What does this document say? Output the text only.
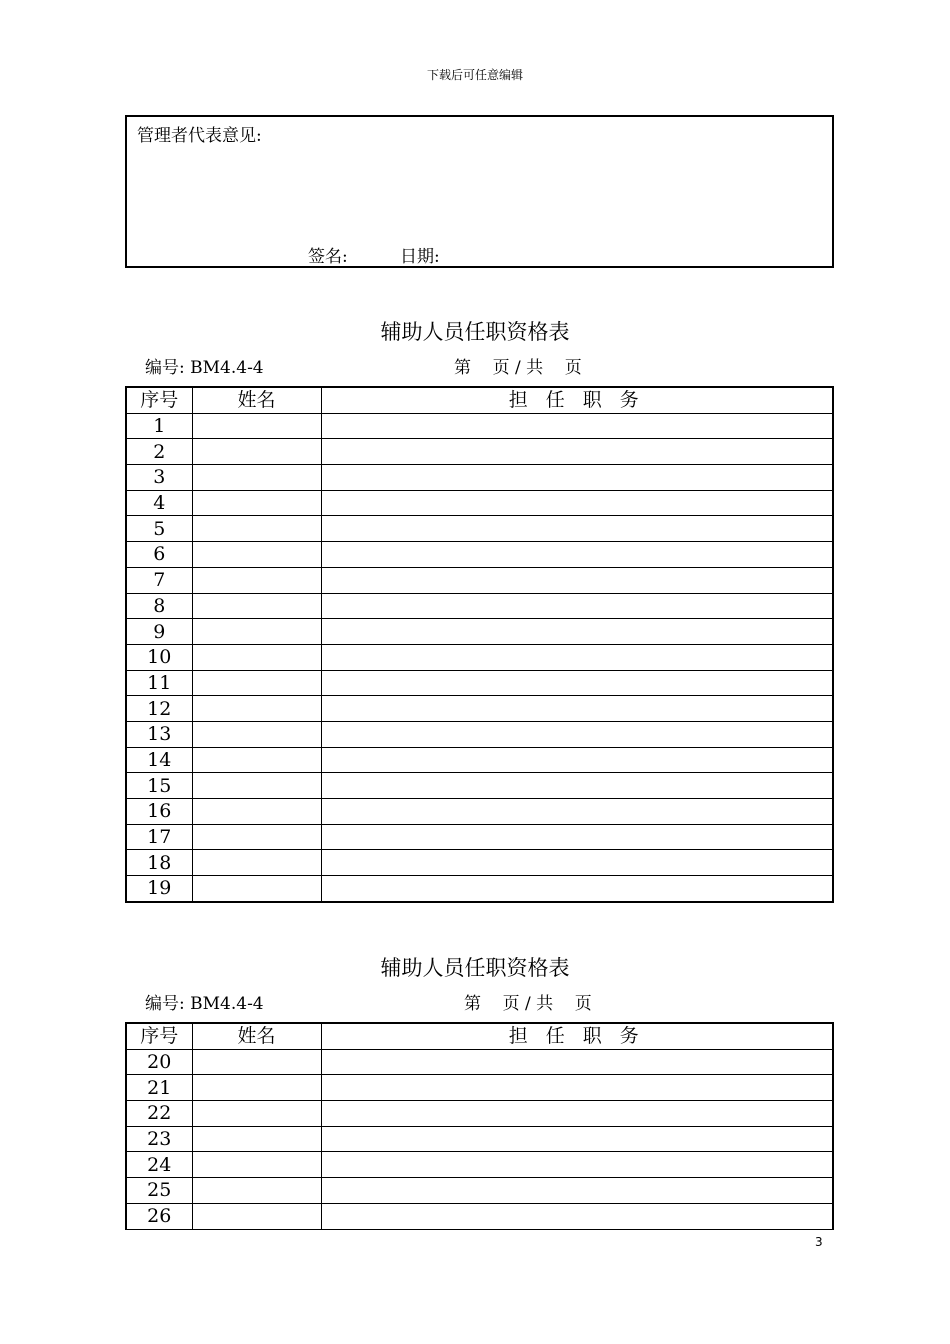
下载后可任意编辑
管理者代表意见:
签名:	日期:
辅助人员任职资格表
编号: BM4.4-4	第    页 / 共    页
序号	姓名	担 任 职 务
1		
2		
3		
4		
5		
6		
7		
8		
9		
10		
11		
12		
13		
14		
15		
16		
17		
18		
19		
辅助人员任职资格表
编号: BM4.4-4	第    页 / 共    页
序号	姓名	担 任 职 务
20		
21		
22		
23		
24		
25		
26		
3
